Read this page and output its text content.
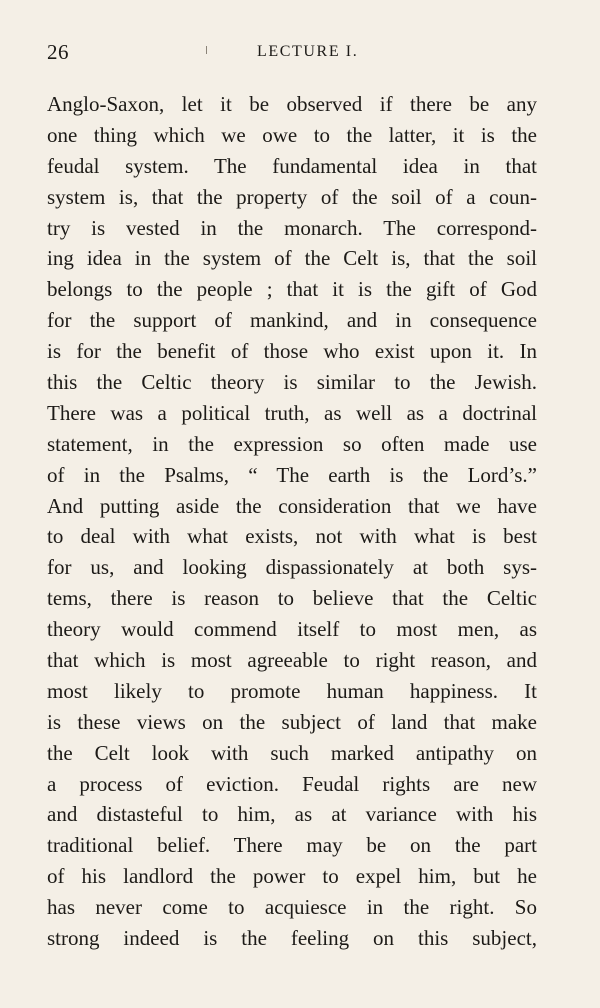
26	LECTURE I.
Anglo-Saxon, let it be observed if there be any
one thing which we owe to the latter, it is the
feudal system. The fundamental idea in that
system is, that the property of the soil of a coun-
try is vested in the monarch. The correspond-
ing idea in the system of the Celt is, that the soil
belongs to the people ; that it is the gift of God
for the support of mankind, and in consequence
is for the benefit of those who exist upon it. In
this the Celtic theory is similar to the Jewish.
There was a political truth, as well as a doctrinal
statement, in the expression so often made use
of in the Psalms, “ The earth is the Lord’s.”
And putting aside the consideration that we have
to deal with what exists, not with what is best
for us, and looking dispassionately at both sys-
tems, there is reason to believe that the Celtic
theory would commend itself to most men, as
that which is most agreeable to right reason, and
most likely to promote human happiness. It
is these views on the subject of land that make
the Celt look with such marked antipathy on
a process of eviction. Feudal rights are new
and distasteful to him, as at variance with his
traditional belief. There may be on the part
of his landlord the power to expel him, but he
has never come to acquiesce in the right. So
strong indeed is the feeling on this subject,
